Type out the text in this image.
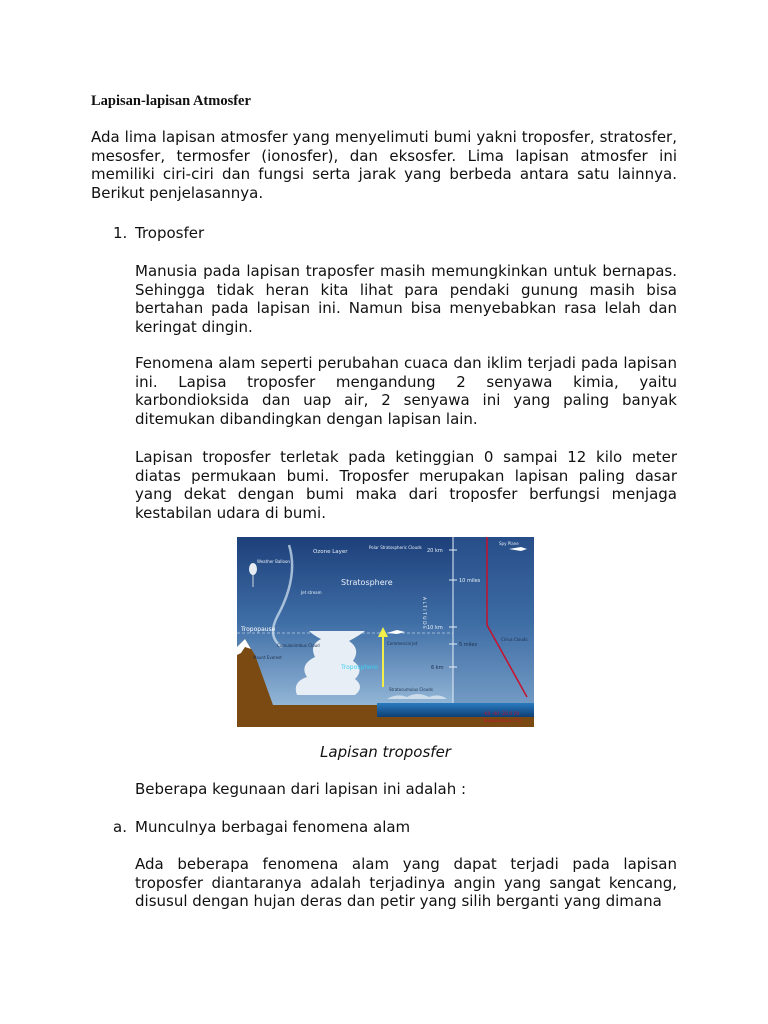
Lapisan-lapisan Atmosfer

Ada lima lapisan atmosfer yang menyelimuti bumi yakni troposfer, stratosfer, mesosfer, termosfer (ionosfer), dan eksosfer. Lima lapisan atmosfer ini memiliki ciri-ciri dan fungsi serta jarak yang berbeda antara satu lainnya. Berikut penjelasannya.

1. Troposfer

Manusia pada lapisan traposfer masih memungkinkan untuk bernapas. Sehingga tidak heran kita lihat para pendaki gunung masih bisa bertahan pada lapisan ini. Namun bisa menyebabkan rasa lelah dan keringat dingin.

Fenomena alam seperti perubahan cuaca dan iklim terjadi pada lapisan ini. Lapisa troposfer mengandung 2 senyawa kimia, yaitu karbondioksida dan uap air, 2 senyawa ini yang paling banyak ditemukan dibandingkan dengan lapisan lain.

Lapisan troposfer terletak pada ketinggian 0 sampai 12 kilo meter diatas permukaan bumi. Troposfer merupakan lapisan paling dasar yang dekat dengan bumi maka dari troposfer berfungsi menjaga kestabilan udara di bumi.

Ozone Layer
Polar Stratospheric Clouds
Weather Balloon
Stratosphere
Jet stream
Tropopause
Cumulonimbus Cloud
Mount Everest
Troposphere
Commercial Jet
Stratocumulus Clouds
Spy Plane
Cirrus Clouds
20 km
10 miles
10 km
5 miles
6 km
ALTITUDE
-60 -40 -20 0 20
Temperature (°C)

Lapisan troposfer

Beberapa kegunaan dari lapisan ini adalah :

a. Munculnya berbagai fenomena alam

Ada beberapa fenomena alam yang dapat terjadi pada lapisan troposfer diantaranya adalah terjadinya angin yang sangat kencang, disusul dengan hujan deras dan petir yang silih berganti yang dimana
